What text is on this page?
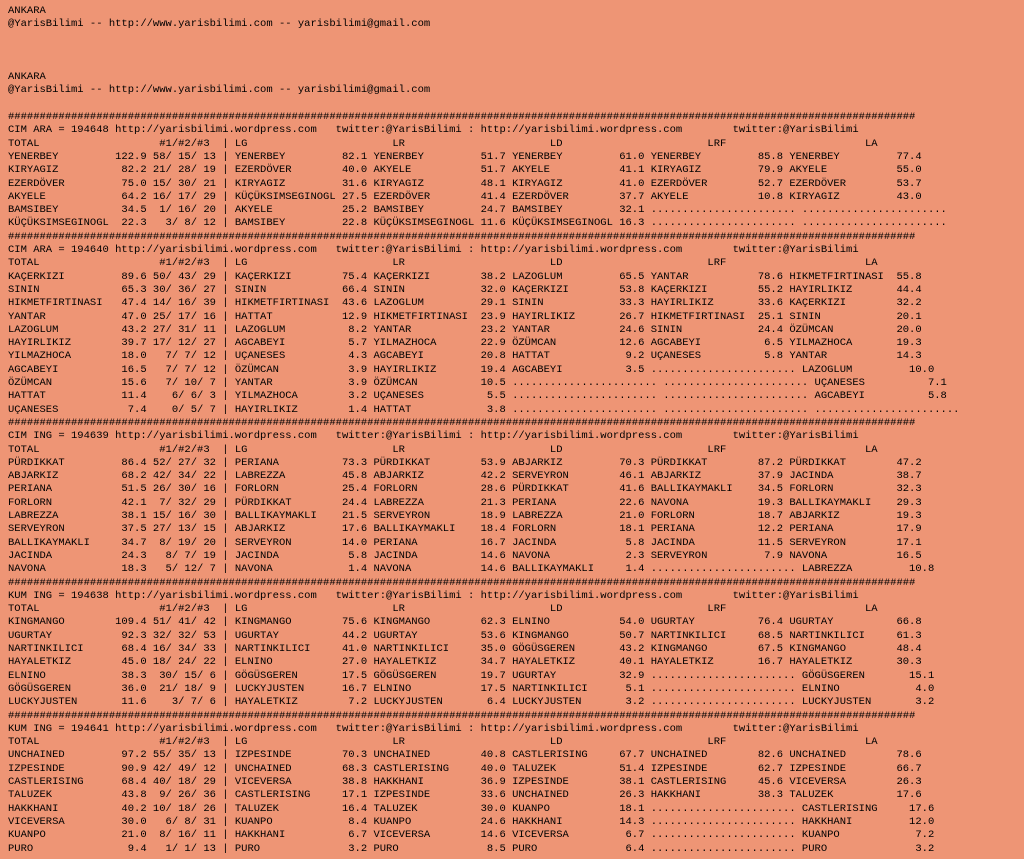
ANKARA
@YarisBilimi -- http://www.yarisbilimi.com -- yarisbilimi@gmail.com
ANKARA
@YarisBilimi -- http://www.yarisbilimi.com -- yarisbilimi@gmail.com
################################################################################################################################################
CIM ARA = 194648 http://yarisbilimi.wordpress.com   twitter:@YarisBilimi : http://yarisbilimi.wordpress.com        twitter:@YarisBilimi
TOTAL                   #1/#2/#3  | LG                       LR                       LD                       LRF                      LA
YENERBEY         122.9 58/ 15/ 13 | YENERBEY         82.1 YENERBEY         51.7 YENERBEY         61.0 YENERBEY         85.8 YENERBEY         77.4
KIRYAGIZ          82.2 21/ 28/ 19 | EZERDÖVER        40.0 AKYELE           51.7 AKYELE           41.1 KIRYAGIZ         79.9 AKYELE           55.0
EZERDÖVER         75.0 15/ 30/ 21 | KIRYAGIZ         31.6 KIRYAGIZ         48.1 KIRYAGIZ         41.0 EZERDÖVER        52.7 EZERDÖVER        53.7
AKYELE            64.2 16/ 17/ 29 | KÜÇÜKSIMSEGINOGL 27.5 EZERDÖVER        41.4 EZERDÖVER        37.7 AKYELE           10.8 KIRYAGIZ         43.0
BAMSIBEY          34.5  1/ 16/ 20 | AKYELE           25.2 BAMSIBEY         24.7 BAMSIBEY         32.1 ....................... .......................
KÜÇÜKSIMSEGINOGL  22.3   3/ 8/ 12 | BAMSIBEY         22.8 KÜÇÜKSIMSEGINOGL 11.6 KÜÇÜKSIMSEGINOGL 16.3 ....................... .......................
################################################################################################################################################
CIM ARA = 194640 http://yarisbilimi.wordpress.com   twitter:@YarisBilimi : http://yarisbilimi.wordpress.com        twitter:@YarisBilimi
TOTAL                   #1/#2/#3  | LG                       LR                       LD                       LRF                      LA
KAÇERKIZI         89.6 50/ 43/ 29 | KAÇERKIZI        75.4 KAÇERKIZI        38.2 LAZOGLUM         65.5 YANTAR           78.6 HIKMETFIRTINASI  55.8
SININ             65.3 30/ 36/ 27 | SININ            66.4 SININ            32.0 KAÇERKIZI        53.8 KAÇERKIZI        55.2 HAYIRLIKIZ       44.4
HIKMETFIRTINASI   47.4 14/ 16/ 39 | HIKMETFIRTINASI  43.6 LAZOGLUM         29.1 SININ            33.3 HAYIRLIKIZ       33.6 KAÇERKIZI        32.2
YANTAR            47.0 25/ 17/ 16 | HATTAT           12.9 HIKMETFIRTINASI  23.9 HAYIRLIKIZ       26.7 HIKMETFIRTINASI  25.1 SININ            20.1
LAZOGLUM          43.2 27/ 31/ 11 | LAZOGLUM          8.2 YANTAR           23.2 YANTAR           24.6 SININ            24.4 ÖZÜMCAN          20.0
HAYIRLIKIZ        39.7 17/ 12/ 27 | AGCABEYI          5.7 YILMAZHOCA       22.9 ÖZÜMCAN          12.6 AGCABEYI          6.5 YILMAZHOCA       19.3
YILMAZHOCA        18.0   7/ 7/ 12 | UÇANESES          4.3 AGCABEYI         20.8 HATTAT            9.2 UÇANESES          5.8 YANTAR           14.3
AGCABEYI          16.5   7/ 7/ 12 | ÖZÜMCAN           3.9 HAYIRLIKIZ       19.4 AGCABEYI          3.5 ....................... LAZOGLUM         10.0
ÖZÜMCAN           15.6   7/ 10/ 7 | YANTAR            3.9 ÖZÜMCAN          10.5 ....................... ....................... UÇANESES          7.1
HATTAT            11.4    6/ 6/ 3 | YILMAZHOCA        3.2 UÇANESES          5.5 ....................... ....................... AGCABEYI          5.8
UÇANESES           7.4    0/ 5/ 7 | HAYIRLIKIZ        1.4 HATTAT            3.8 ....................... ....................... .......................
################################################################################################################################################
CIM ING = 194639 http://yarisbilimi.wordpress.com   twitter:@YarisBilimi : http://yarisbilimi.wordpress.com        twitter:@YarisBilimi
TOTAL                   #1/#2/#3  | LG                       LR                       LD                       LRF                      LA
PÜRDIKKAT         86.4 52/ 27/ 32 | PERIANA          73.3 PÜRDIKKAT        53.9 ABJARKIZ         70.3 PÜRDIKKAT        87.2 PÜRDIKKAT        47.2
ABJARKIZ          68.2 42/ 34/ 22 | LABREZZA         45.8 ABJARKIZ         42.2 SERVEYRON        46.1 ABJARKIZ         37.9 JACINDA          38.7
PERIANA           51.5 26/ 30/ 16 | FORLORN          25.4 FORLORN          28.6 PÜRDIKKAT        41.6 BALLIKAYMAKLI    34.5 FORLORN          32.3
FORLORN           42.1  7/ 32/ 29 | PÜRDIKKAT        24.4 LABREZZA         21.3 PERIANA          22.6 NAVONA           19.3 BALLIKAYMAKLI    29.3
LABREZZA          38.1 15/ 16/ 30 | BALLIKAYMAKLI    21.5 SERVEYRON        18.9 LABREZZA         21.0 FORLORN          18.7 ABJARKIZ         19.3
SERVEYRON         37.5 27/ 13/ 15 | ABJARKIZ         17.6 BALLIKAYMAKLI    18.4 FORLORN          18.1 PERIANA          12.2 PERIANA          17.9
BALLIKAYMAKLI     34.7  8/ 19/ 20 | SERVEYRON        14.0 PERIANA          16.7 JACINDA           5.8 JACINDA          11.5 SERVEYRON        17.1
JACINDA           24.3   8/ 7/ 19 | JACINDA           5.8 JACINDA          14.6 NAVONA            2.3 SERVEYRON         7.9 NAVONA           16.5
NAVONA            18.3   5/ 12/ 7 | NAVONA            1.4 NAVONA           14.6 BALLIKAYMAKLI     1.4 ....................... LABREZZA         10.8
################################################################################################################################################
KUM ING = 194638 http://yarisbilimi.wordpress.com   twitter:@YarisBilimi : http://yarisbilimi.wordpress.com        twitter:@YarisBilimi
TOTAL                   #1/#2/#3  | LG                       LR                       LD                       LRF                      LA
KINGMANGO        109.4 51/ 41/ 42 | KINGMANGO        75.6 KINGMANGO        62.3 ELNINO           54.0 UGURTAY          76.4 UGURTAY          66.8
UGURTAY           92.3 32/ 32/ 53 | UGURTAY          44.2 UGURTAY          53.6 KINGMANGO        50.7 NARTINKILICI     68.5 NARTINKILICI     61.3
NARTINKILICI      68.4 16/ 34/ 33 | NARTINKILICI     41.0 NARTINKILICI     35.0 GÖGÜSGEREN       43.2 KINGMANGO        67.5 KINGMANGO        48.4
HAYALETKIZ        45.0 18/ 24/ 22 | ELNINO           27.0 HAYALETKIZ       34.7 HAYALETKIZ       40.1 HAYALETKIZ       16.7 HAYALETKIZ       30.3
ELNINO            38.3  30/ 15/ 6 | GÖGÜSGEREN       17.5 GÖGÜSGEREN       19.7 UGURTAY          32.9 ....................... GÖGÜSGEREN       15.1
GÖGÜSGEREN        36.0  21/ 18/ 9 | LUCKYJUSTEN      16.7 ELNINO           17.5 NARTINKILICI      5.1 ....................... ELNINO            4.0
LUCKYJUSTEN       11.6    3/ 7/ 6 | HAYALETKIZ        7.2 LUCKYJUSTEN       6.4 LUCKYJUSTEN       3.2 ....................... LUCKYJUSTEN       3.2
################################################################################################################################################
KUM ING = 194641 http://yarisbilimi.wordpress.com   twitter:@YarisBilimi : http://yarisbilimi.wordpress.com        twitter:@YarisBilimi
TOTAL                   #1/#2/#3  | LG                       LR                       LD                       LRF                      LA
UNCHAINED         97.2 55/ 35/ 13 | IZPESINDE        70.3 UNCHAINED        40.8 CASTLERISING     67.7 UNCHAINED        82.6 UNCHAINED        78.6
IZPESINDE         90.9 42/ 49/ 12 | UNCHAINED        68.3 CASTLERISING     40.0 TALUZEK          51.4 IZPESINDE        62.7 IZPESINDE        66.7
CASTLERISING      68.4 40/ 18/ 29 | VICEVERSA        38.8 HAKKHANI         36.9 IZPESINDE        38.1 CASTLERISING     45.6 VICEVERSA        26.3
TALUZEK           43.8  9/ 26/ 36 | CASTLERISING     17.1 IZPESINDE        33.6 UNCHAINED        26.3 HAKKHANI         38.3 TALUZEK          17.6
HAKKHANI          40.2 10/ 18/ 26 | TALUZEK          16.4 TALUZEK          30.0 KUANPO           18.1 ....................... CASTLERISING     17.6
VICEVERSA         30.0   6/ 8/ 31 | KUANPO            8.4 KUANPO           24.6 HAKKHANI         14.3 ....................... HAKKHANI         12.0
KUANPO            21.0  8/ 16/ 11 | HAKKHANI          6.7 VICEVERSA        14.6 VICEVERSA         6.7 ....................... KUANPO            7.2
PURO               9.4   1/ 1/ 13 | PURO              3.2 PURO              8.5 PURO              6.4 ....................... PURO              3.2
